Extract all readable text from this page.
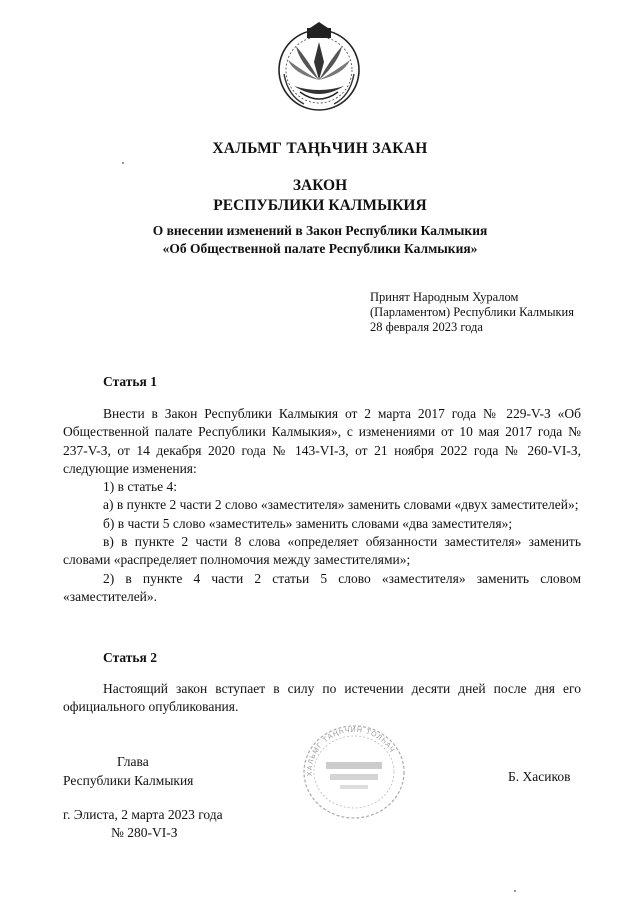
ХАЛЬМГ ТАҢҺЧИН ЗАКАН
ЗАКОН
РЕСПУБЛИКИ КАЛМЫКИЯ
О внесении изменений в Закон Республики Калмыкия
«Об Общественной палате Республики Калмыкия»
Принят Народным Хуралом
(Парламентом) Республики Калмыкия
28 февраля 2023 года
Статья 1

Внести в Закон Республики Калмыкия от 2 марта 2017 года № 229-V-З «Об Общественной палате Республики Калмыкия», с изменениями от 10 мая 2017 года № 237-V-З, от 14 декабря 2020 года № 143-VI-З, от 21 ноября 2022 года № 260-VI-З, следующие изменения:

1) в статье 4:

а) в пункте 2 части 2 слово «заместителя» заменить словами «двух заместителей»;

б) в части 5 слово «заместитель» заменить словами «два заместителя»;

в) в пункте 2 части 8 слова «определяет обязанности заместителя» заменить словами «распределяет полномочия между заместителями»;

2) в пункте 4 части 2 статьи 5 слово «заместителя» заменить словом «заместителей».

Статья 2

Настоящий закон вступает в силу по истечении десяти дней после дня его официального опубликования.

ХАЛЬМГ ТАҢҺЧИН ТОЛҺАЧ
Глава
Республики Калмыкия	Б. Хасиков
г. Элиста, 2 марта 2023 года
№ 280-VI-З
